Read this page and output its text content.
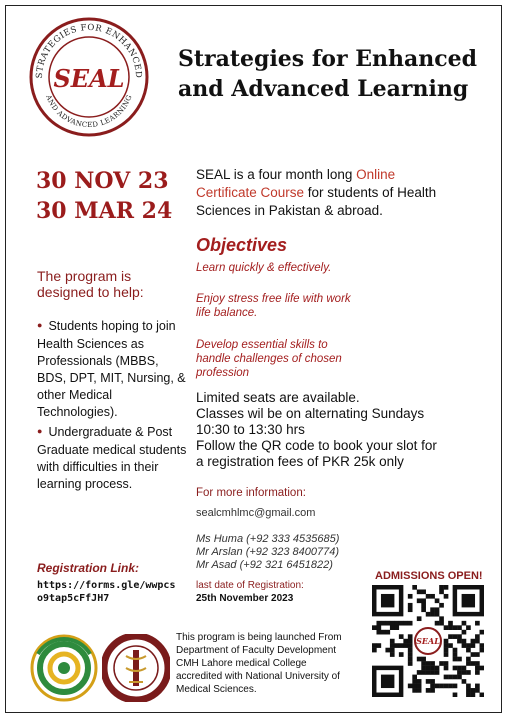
STRATEGIES FOR ENHANCED
AND ADVANCED LEARNING
SEAL
Strategies for Enhanced
and Advanced Learning
30 NOV 23
30 MAR 24
SEAL is a four month long Online Certificate Course for students of Health Sciences in Pakistan & abroad.
Objectives
Learn quickly & effectively.
Enjoy stress free life with work life balance.
Develop essential skills to handle challenges of chosen profession
Limited seats are available.
Classes wil be on alternating Sundays
10:30 to 13:30 hrs
Follow the QR code to book your slot for
a registration fees of PKR 25k only
For more information:
sealcmhlmc@gmail.com
Ms Huma (+92 333 4535685)
Mr Arslan (+92 323 8400774)
Mr Asad (+92 321 6451822)
last date of Registration:
25th November 2023
The program is designed to help:
● Students hoping to join Health Sciences as Professionals (MBBS, BDS, DPT, MIT, Nursing, & other Medical Technologies).
● Undergraduate & Post Graduate medical students with difficulties in their learning process.
Registration Link:
https://forms.gle/wwpcs
o9tap5cFfJH7
ADMISSIONS OPEN!
SEAL
This program is being launched From
Department of Faculty Development
CMH Lahore medical College
accredited with National University of
Medical Sciences.
